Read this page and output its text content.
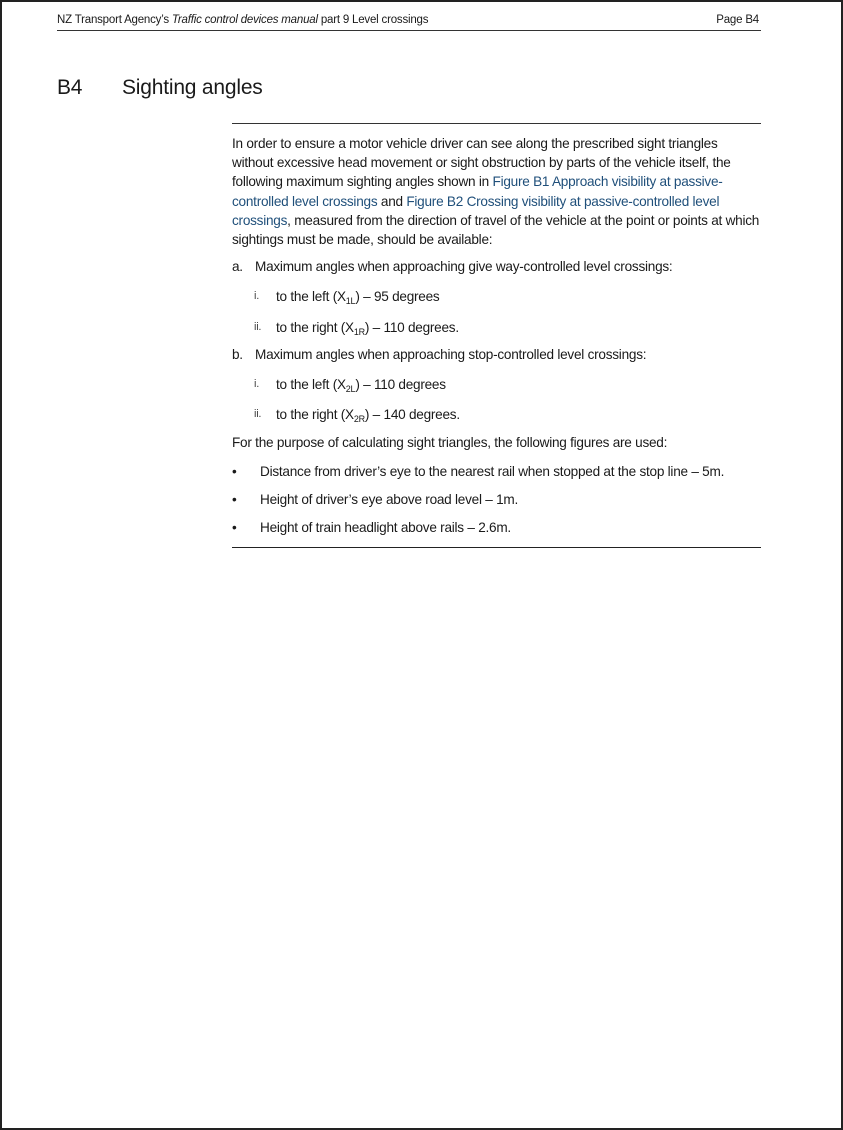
NZ Transport Agency’s Traffic control devices manual part 9 Level crossings	Page B4
B4	Sighting angles

In order to ensure a motor vehicle driver can see along the prescribed sight triangles without excessive head movement or sight obstruction by parts of the vehicle itself, the following maximum sighting angles shown in Figure B1 Approach visibility at passive-controlled level crossings and Figure B2 Crossing visibility at passive-controlled level crossings, measured from the direction of travel of the vehicle at the point or points at which sightings must be made, should be available:

a. Maximum angles when approaching give way-controlled level crossings:
i. to the left $(X_{1L}) - 95$ degrees
ii. to the right $(X_{1R}) - 110$ degrees.
b. Maximum angles when approaching stop-controlled level crossings:
i. to the left $(X_{2L}) - 110$ degrees
ii. to the right $(X_{2R}) - 140$ degrees.

For the purpose of calculating sight triangles, the following figures are used:

• Distance from driver’s eye to the nearest rail when stopped at the stop line – 5m.
• Height of driver’s eye above road level – 1m.
• Height of train headlight above rails – 2.6m.
